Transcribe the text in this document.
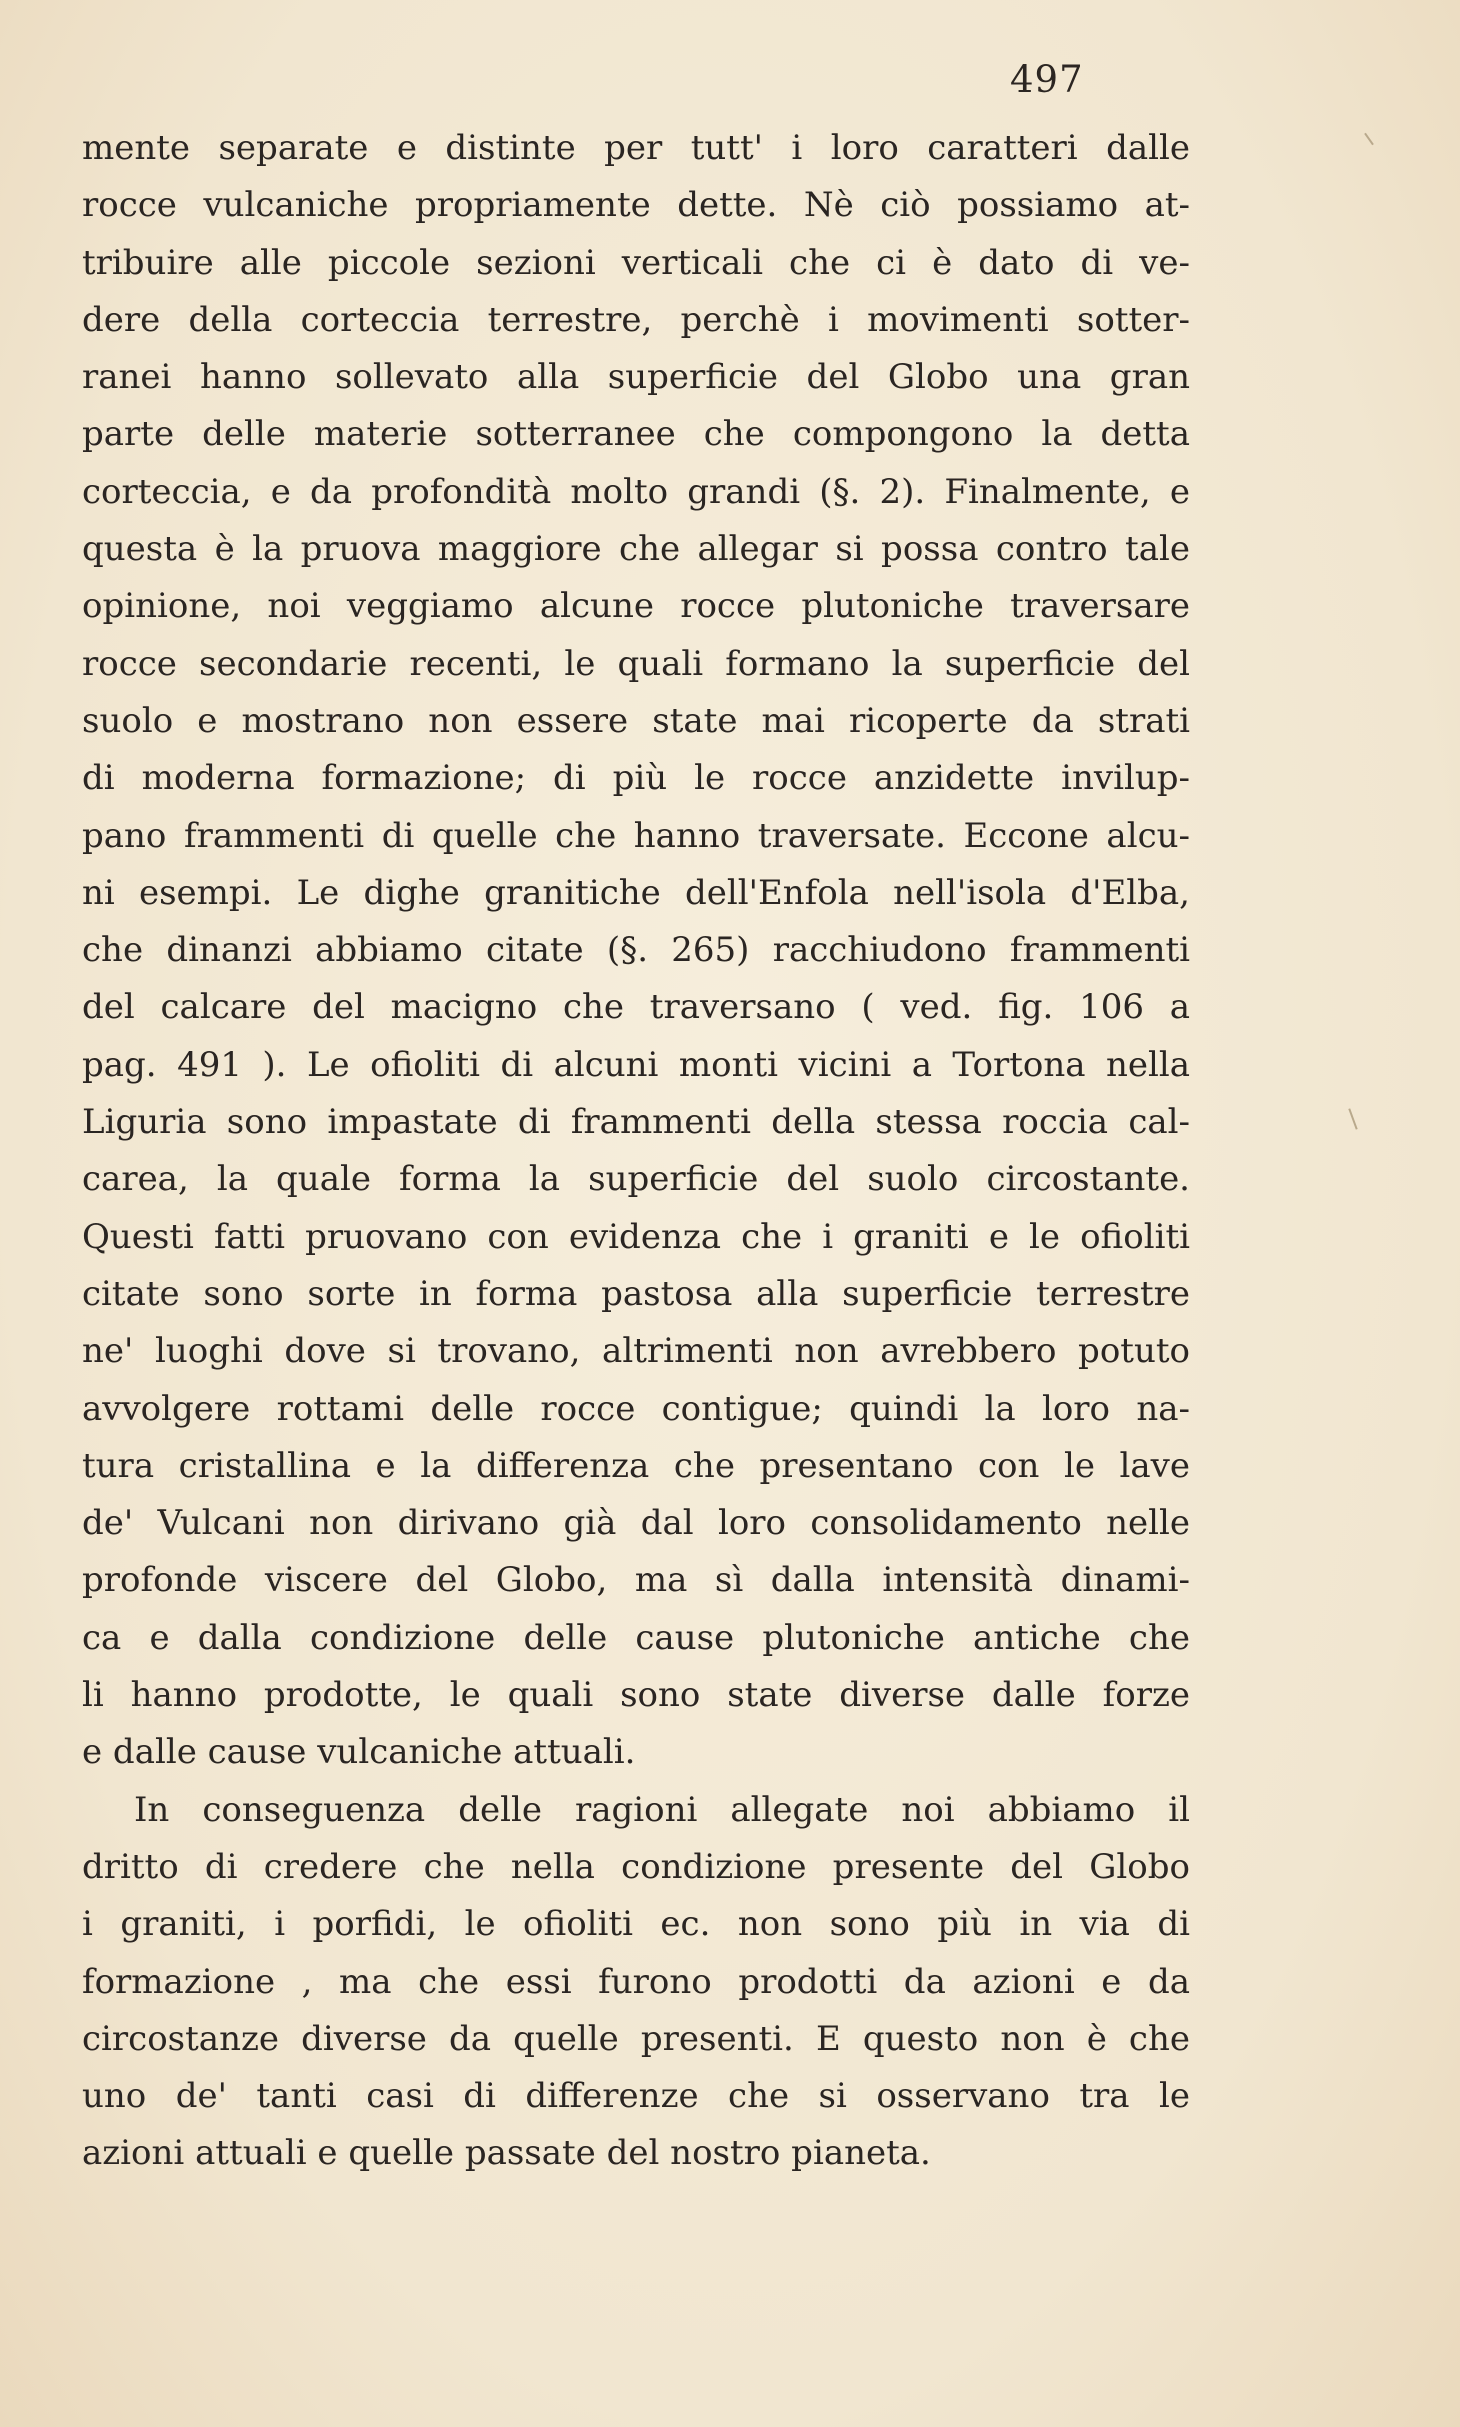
497
mente separate e distinte per tutt' i loro caratteri dalle
rocce vulcaniche propriamente dette. Nè ciò possiamo at-
tribuire alle piccole sezioni verticali che ci è dato di ve-
dere della corteccia terrestre, perchè i movimenti sotter-
ranei hanno sollevato alla superficie del Globo una gran
parte delle materie sotterranee che compongono la detta
corteccia, e da profondità molto grandi (§. 2). Finalmente, e
questa è la pruova maggiore che allegar si possa contro tale
opinione, noi veggiamo alcune rocce plutoniche traversare
rocce secondarie recenti, le quali formano la superficie del
suolo e mostrano non essere state mai ricoperte da strati
di moderna formazione; di più le rocce anzidette invilup-
pano frammenti di quelle che hanno traversate. Eccone alcu-
ni esempi. Le dighe granitiche dell'Enfola nell'isola d'Elba,
che dinanzi abbiamo citate (§. 265) racchiudono frammenti
del calcare del macigno che traversano ( ved. fig. 106 a
pag. 491 ). Le ofioliti di alcuni monti vicini a Tortona nella
Liguria sono impastate di frammenti della stessa roccia cal-
carea, la quale forma la superficie del suolo circostante.
Questi fatti pruovano con evidenza che i graniti e le ofioliti
citate sono sorte in forma pastosa alla superficie terrestre
ne' luoghi dove si trovano, altrimenti non avrebbero potuto
avvolgere rottami delle rocce contigue; quindi la loro na-
tura cristallina e la differenza che presentano con le lave
de' Vulcani non dirivano già dal loro consolidamento nelle
profonde viscere del Globo, ma sì dalla intensità dinami-
ca e dalla condizione delle cause plutoniche antiche che
li hanno prodotte, le quali sono state diverse dalle forze
e dalle cause vulcaniche attuali.
In conseguenza delle ragioni allegate noi abbiamo il
dritto di credere che nella condizione presente del Globo
i graniti, i porfidi, le ofioliti ec. non sono più in via di
formazione , ma che essi furono prodotti da azioni e da
circostanze diverse da quelle presenti. E questo non è che
uno de' tanti casi di differenze che si osservano tra le
azioni attuali e quelle passate del nostro pianeta.
